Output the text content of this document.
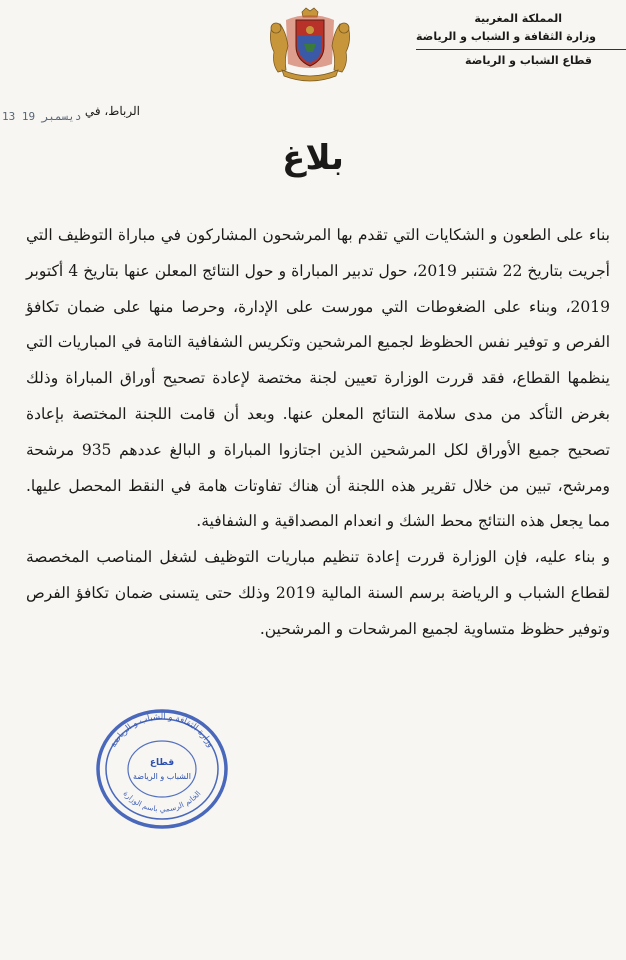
المملكة المغربية
وزارة الثقافة و الشباب و الرياضة
قطاع الشباب و الرياضة
13 ديسمبر 19 الرباط، في
بلاغ

بناء على الطعون و الشكايات التي تقدم بها المرشحون المشاركون في مباراة التوظيف التي أجريت بتاريخ 22 شتنبر 2019، حول تدبير المباراة و حول النتائج المعلن عنها بتاريخ 4 أكتوبر 2019، وبناء على الضغوطات التي مورست على الإدارة، وحرصا منها على ضمان تكافؤ الفرص و توفير نفس الحظوظ لجميع المرشحين وتكريس الشفافية التامة في المباريات التي ينظمها القطاع، فقد قررت الوزارة تعيين لجنة مختصة لإعادة تصحيح أوراق المباراة وذلك بغرض التأكد من مدى سلامة النتائج المعلن عنها. وبعد أن قامت اللجنة المختصة بإعادة تصحيح جميع الأوراق لكل المرشحين الذين اجتازوا المباراة و البالغ عددهم 935 مرشحة ومرشح، تبين من خلال تقرير هذه اللجنة أن هناك تفاوتات هامة في النقط المحصل عليها. مما يجعل هذه النتائج محط الشك و انعدام المصداقية و الشفافية.

و بناء عليه، فإن الوزارة قررت إعادة تنظيم مباريات التوظيف لشغل المناصب المخصصة لقطاع الشباب و الرياضة برسم السنة المالية 2019 وذلك حتى يتسنى ضمان تكافؤ الفرص وتوفير حظوظ متساوية لجميع المرشحات و المرشحين.

وزارة الثقافة و الشباب و الرياضة
الخاتم الرسمي باسم الوزارة
قطاع
الشباب و الرياضة
